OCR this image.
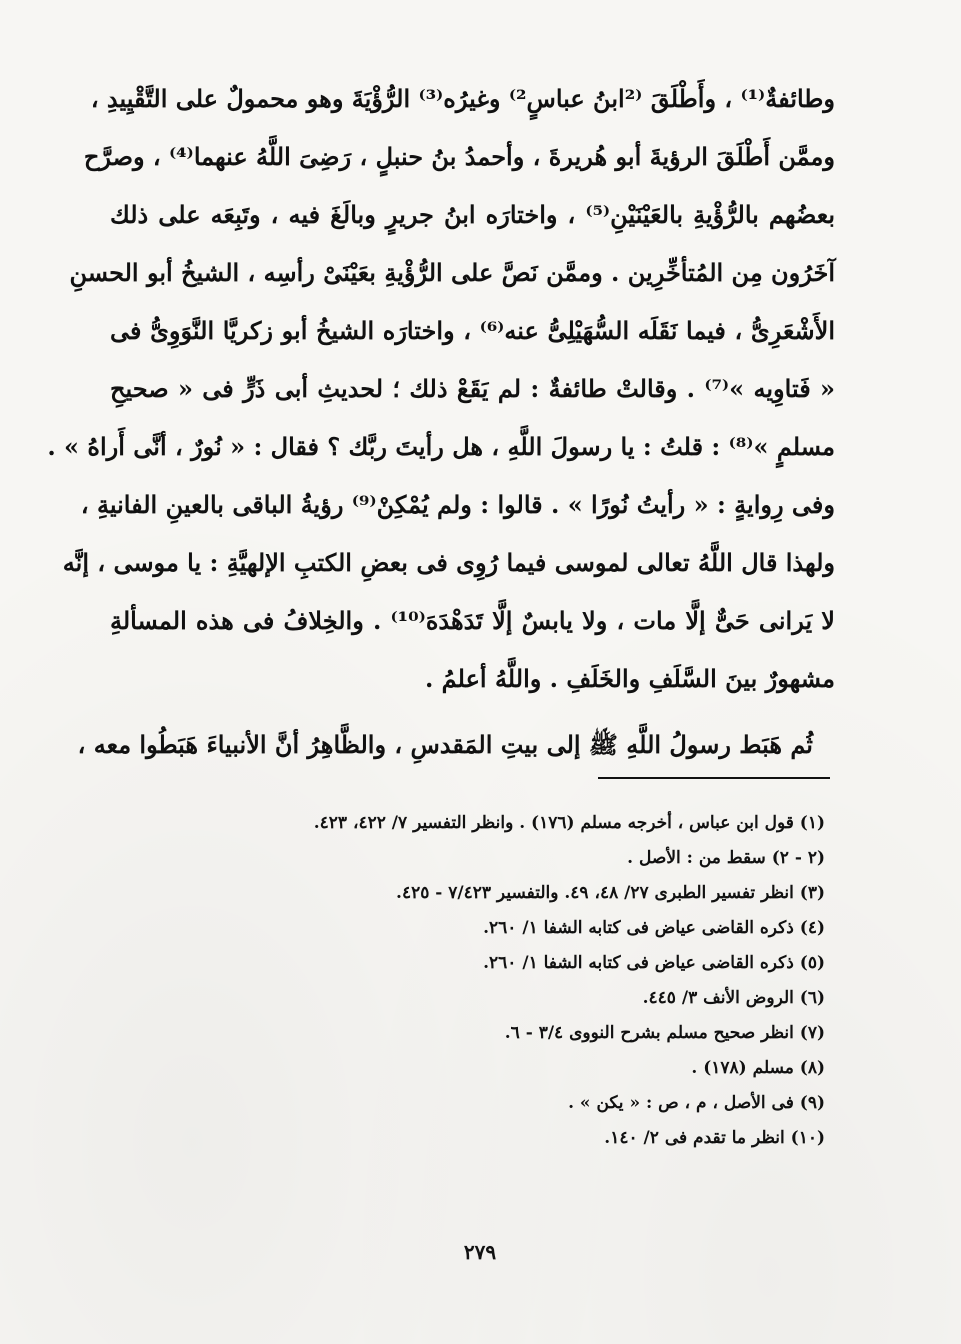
وطائفةٌ⁽¹⁾ ، وأَطْلَقَ ⁽²ابنُ عباسٍ²⁾ وغيرُه⁽³⁾ الرُّؤْيَةَ وهو محمولٌ على التَّقْيِيدِ ،
وممَّن أَطْلَقَ الرؤيةَ أبو هُريرةَ ، وأحمدُ بنُ حنبلٍ ، رَضِىَ اللَّهُ عنهما⁽⁴⁾ ، وصرَّح
بعضُهم بالرُّؤْيةِ بالعَيْنَيْنِ⁽⁵⁾ ، واختارَه ابنُ جريرٍ وبالَغَ فيه ، وتَبِعَه على ذلك
آخَرُون مِن المُتأخِّرِين . وممَّن نَصَّ على الرُّؤْيةِ بعَيْنَىْ رأسِه ، الشيخُ أبو الحسنِ
الأَشْعَرِىُّ ، فيما نَقَلَه السُّهَيْلِىُّ عنه⁽⁶⁾ ، واختارَه الشيخُ أبو زكريَّا النَّوَوِىُّ فى
« فَتاوِيه »⁽⁷⁾ . وقالتْ طائفةٌ : لم يَقَعْ ذلك ؛ لحديثِ أبى ذَرٍّ فى « صحيحِ
مسلمٍ »⁽⁸⁾ : قلتُ : يا رسولَ اللَّهِ ، هل رأيتَ ربَّك ؟ فقال : « نُورٌ ، أنَّى أَراهُ » .
وفى رِوايةٍ : « رأيتُ نُورًا » . قالوا : ولم يُمْكِنْ⁽⁹⁾ رؤيةُ الباقى بالعينِ الفانيةِ ،
ولهذا قال اللَّهُ تعالى لموسى فيما رُوِى فى بعضِ الكتبِ الإلهيَّةِ : يا موسى ، إنَّه
لا يَرانى حَىٌّ إلَّا مات ، ولا يابسٌ إلَّا تَدَهْدَهَ⁽¹⁰⁾ . والخِلافُ فى هذه المسألةِ
مشهورٌ بينَ السَّلَفِ والخَلَفِ . واللَّهُ أعلمُ .
ثُم هَبَط رسولُ اللَّهِ ﷺ إلى بيتِ المَقدسِ ، والظَّاهِرُ أنَّ الأنبياءَ هَبَطُوا معه ،
(١) قول ابن عباس ، أخرجه مسلم (١٧٦) . وانظر التفسير ٧/ ٤٢٢، ٤٢٣.
(٢ - ٢) سقط من : الأصل .
(٣) انظر تفسير الطبرى ٢٧/ ٤٨، ٤٩. والتفسير ٧/٤٢٣ - ٤٢٥.
(٤) ذكره القاضى عياض فى كتابه الشفا ١/ ٢٦٠.
(٥) ذكره القاضى عياض فى كتابه الشفا ١/ ٢٦٠.
(٦) الروض الأنف ٣/ ٤٤٥.
(٧) انظر صحيح مسلم بشرح النووى ٣/٤ - ٦.
(٨) مسلم (١٧٨) .
(٩) فى الأصل ، م ، ص : « يكن » .
(١٠) انظر ما تقدم فى ٢/ ١٤٠.
٢٧٩
